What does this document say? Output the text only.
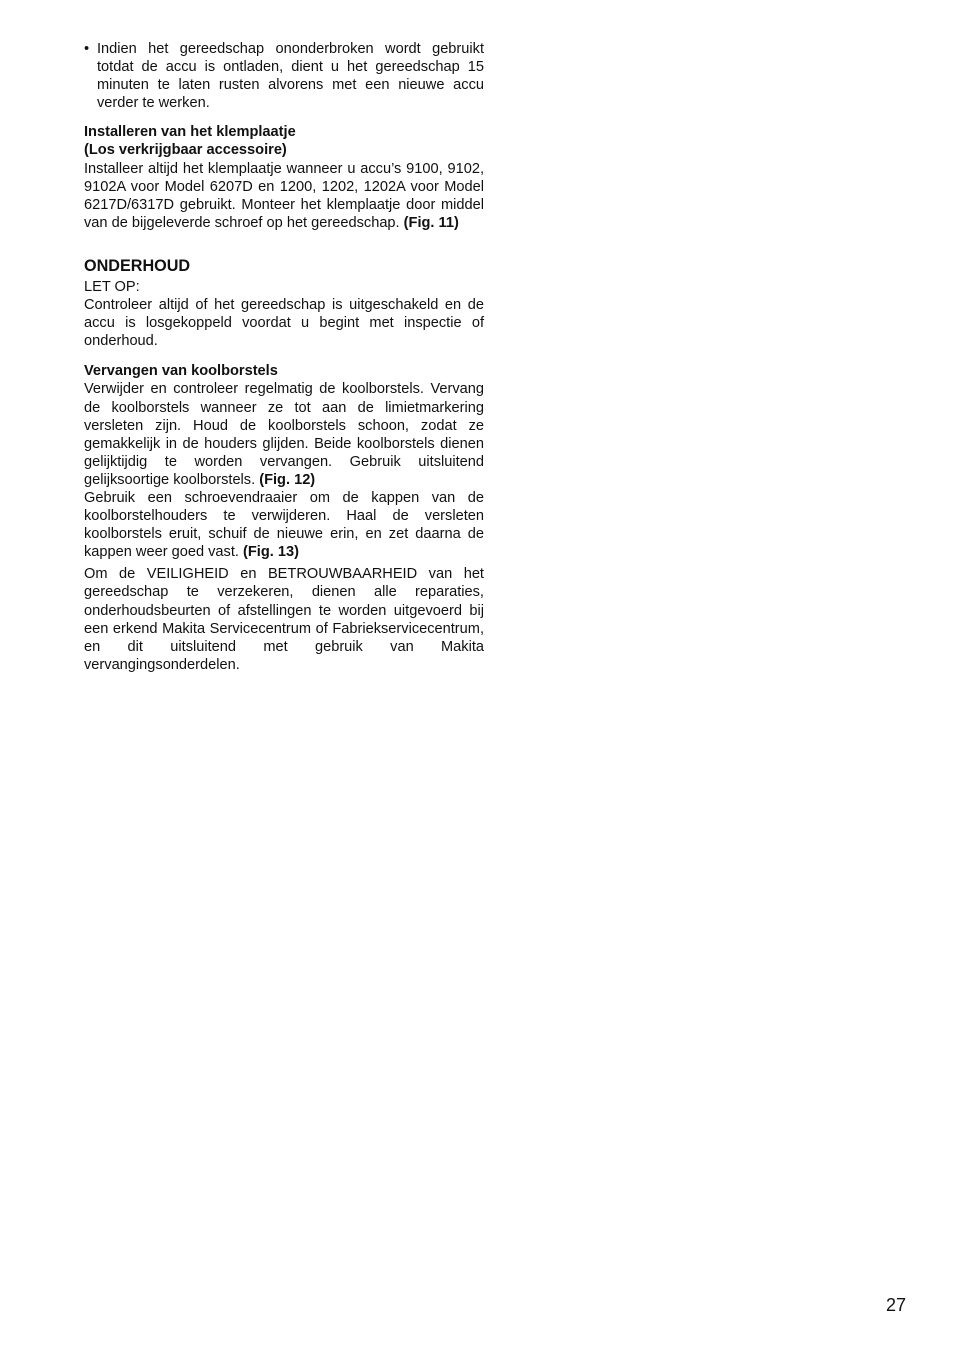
• Indien het gereedschap ononderbroken wordt gebruikt totdat de accu is ontladen, dient u het gereedschap 15 minuten te laten rusten alvorens met een nieuwe accu verder te werken.

Installeren van het klemplaatje
(Los verkrijgbaar accessoire)

Installeer altijd het klemplaatje wanneer u accu’s 9100, 9102, 9102A voor Model 6207D en 1200, 1202, 1202A voor Model 6217D/6317D gebruikt. Monteer het klemplaatje door middel van de bijgeleverde schroef op het gereedschap. (Fig. 11)

ONDERHOUD

LET OP:

Controleer altijd of het gereedschap is uitgeschakeld en de accu is losgekoppeld voordat u begint met inspectie of onderhoud.

Vervangen van koolborstels

Verwijder en controleer regelmatig de koolborstels. Vervang de koolborstels wanneer ze tot aan de limietmarkering versleten zijn. Houd de koolborstels schoon, zodat ze gemakkelijk in de houders glijden. Beide koolborstels dienen gelijktijdig te worden vervangen. Gebruik uitsluitend gelijksoortige koolborstels. (Fig. 12)

Gebruik een schroevendraaier om de kappen van de koolborstelhouders te verwijderen. Haal de versleten koolborstels eruit, schuif de nieuwe erin, en zet daarna de kappen weer goed vast. (Fig. 13)

Om de VEILIGHEID en BETROUWBAARHEID van het gereedschap te verzekeren, dienen alle reparaties, onderhoudsbeurten of afstellingen te worden uitgevoerd bij een erkend Makita Servicecentrum of Fabriekservicecentrum, en dit uitsluitend met gebruik van Makita vervangingsonderdelen.

27
